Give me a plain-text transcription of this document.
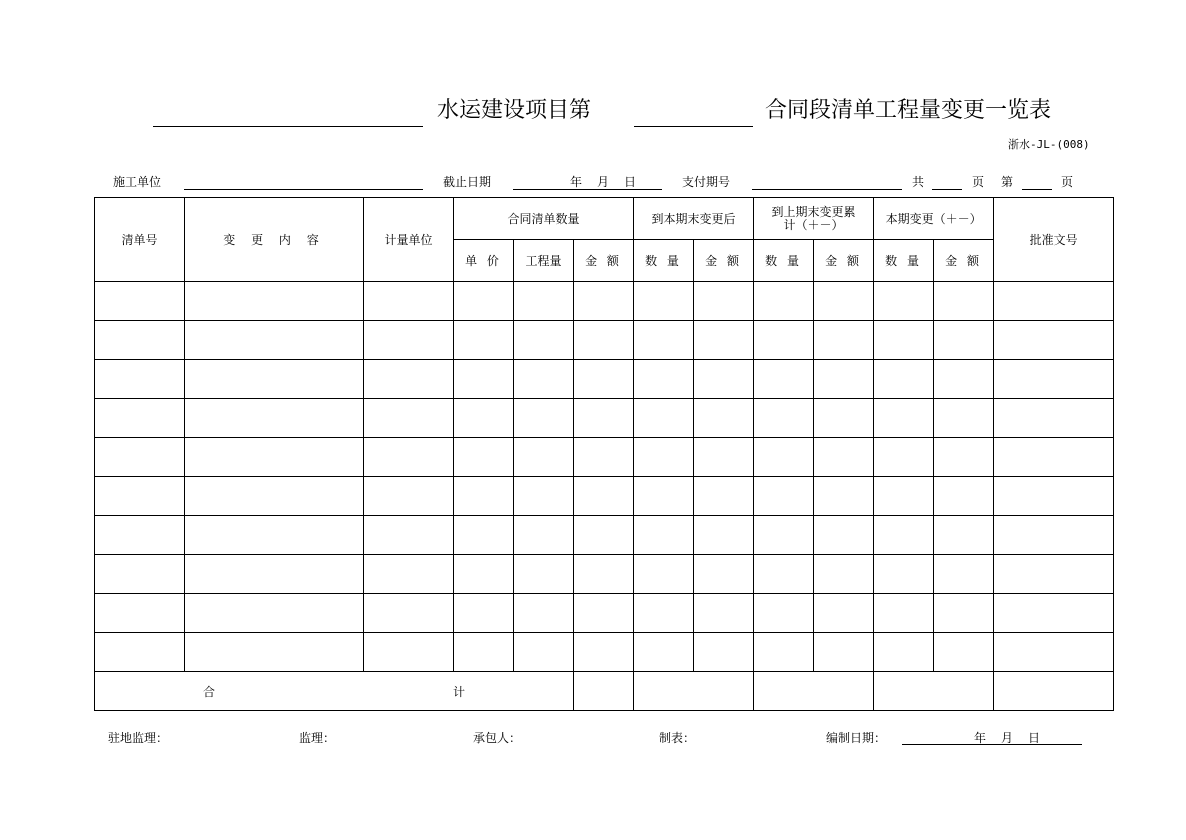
水运建设项目第	合同段清单工程量变更一览表
浙水-JL-(008)
施工单位	截止日期	年 月 日	支付期号	共	页 第	页
清单号	变 更 内 容	计量单位	合同清单数量			到本期末变更后		到上期末变更累计（＋－）		本期变更（＋－）		批准文号
			单 价	工程量	金 额	数 量	金 额	数 量	金 额	数 量	金 额	

合 计												

驻地监理：	监理：	承包人：	制表：	编制日期：	年 月 日
